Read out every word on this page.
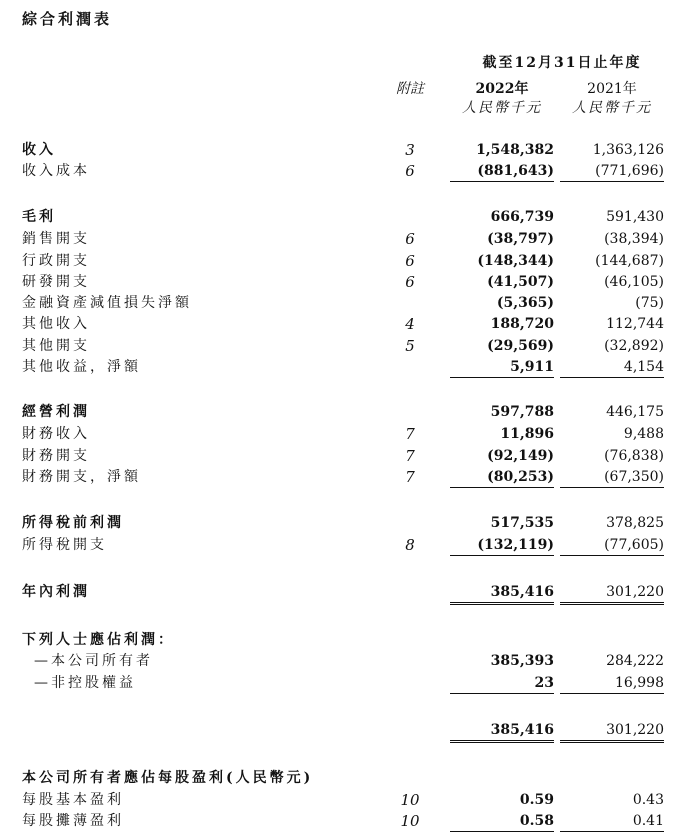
綜合利潤表
截至12月31日止年度
附註	2022年	2021年
人民幣千元	人民幣千元
收入	3	1,548,382	1,363,126
收入成本	6	(881,643)	(771,696)
毛利	666,739	591,430
銷售開支	6	(38,797)	(38,394)
行政開支	6	(148,344)	(144,687)
研發開支	6	(41,507)	(46,105)
金融資產減值損失淨額	(5,365)	(75)
其他收入	4	188,720	112,744
其他開支	5	(29,569)	(32,892)
其他收益，淨額	5,911	4,154
經營利潤	597,788	446,175
財務收入	7	11,896	9,488
財務開支	7	(92,149)	(76,838)
財務開支，淨額	7	(80,253)	(67,350)
所得稅前利潤	517,535	378,825
所得稅開支	8	(132,119)	(77,605)
年內利潤	385,416	301,220
下列人士應佔利潤：
—本公司所有者	385,393	284,222
—非控股權益	23	16,998
385,416	301,220
本公司所有者應佔每股盈利(人民幣元)
每股基本盈利	10	0.59	0.43
每股攤薄盈利	10	0.58	0.41
